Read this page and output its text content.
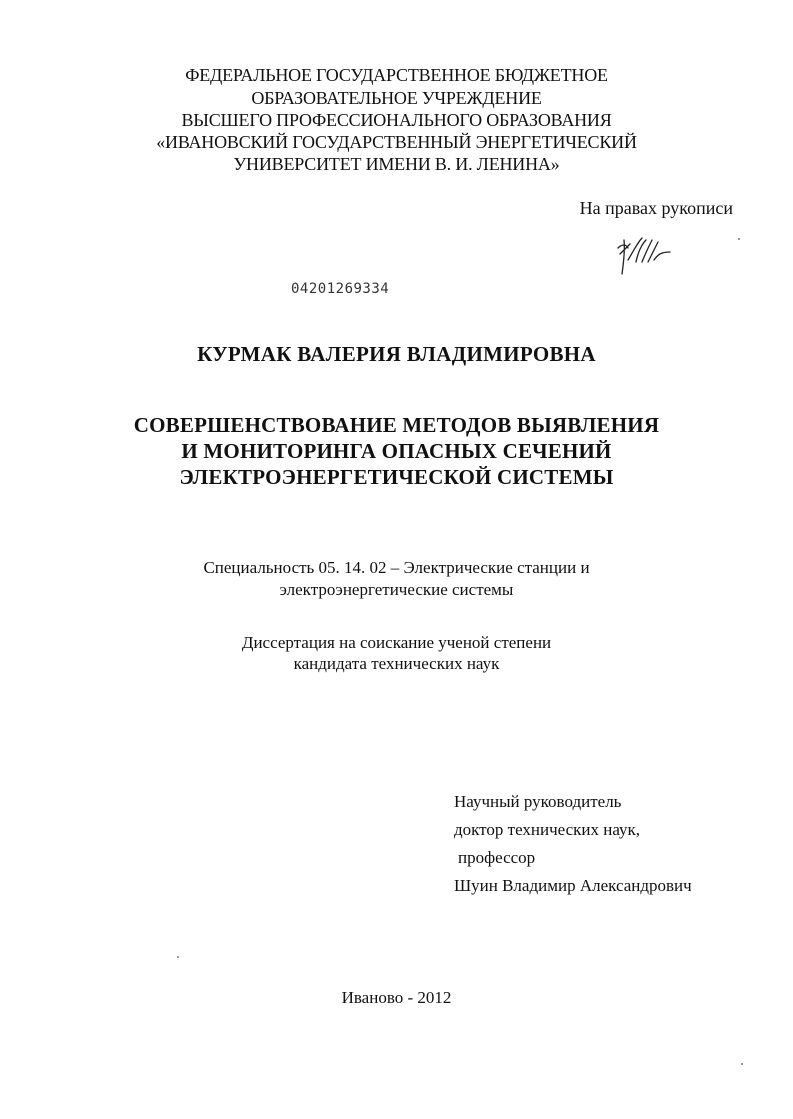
ФЕДЕРАЛЬНОЕ ГОСУДАРСТВЕННОЕ БЮДЖЕТНОЕ
ОБРАЗОВАТЕЛЬНОЕ УЧРЕЖДЕНИЕ
ВЫСШЕГО ПРОФЕССИОНАЛЬНОГО ОБРАЗОВАНИЯ
«ИВАНОВСКИЙ ГОСУДАРСТВЕННЫЙ ЭНЕРГЕТИЧЕСКИЙ
УНИВЕРСИТЕТ ИМЕНИ В. И. ЛЕНИНА»
На правах рукописи
04201269334
КУРМАК ВАЛЕРИЯ ВЛАДИМИРОВНА
СОВЕРШЕНСТВОВАНИЕ МЕТОДОВ ВЫЯВЛЕНИЯ
И МОНИТОРИНГА ОПАСНЫХ СЕЧЕНИЙ
ЭЛЕКТРОЭНЕРГЕТИЧЕСКОЙ СИСТЕМЫ
Специальность 05. 14. 02 – Электрические станции и
электроэнергетические системы
Диссертация на соискание ученой степени
кандидата технических наук
Научный руководитель
доктор технических наук,
профессор
Шуин Владимир Александрович
Иваново - 2012
